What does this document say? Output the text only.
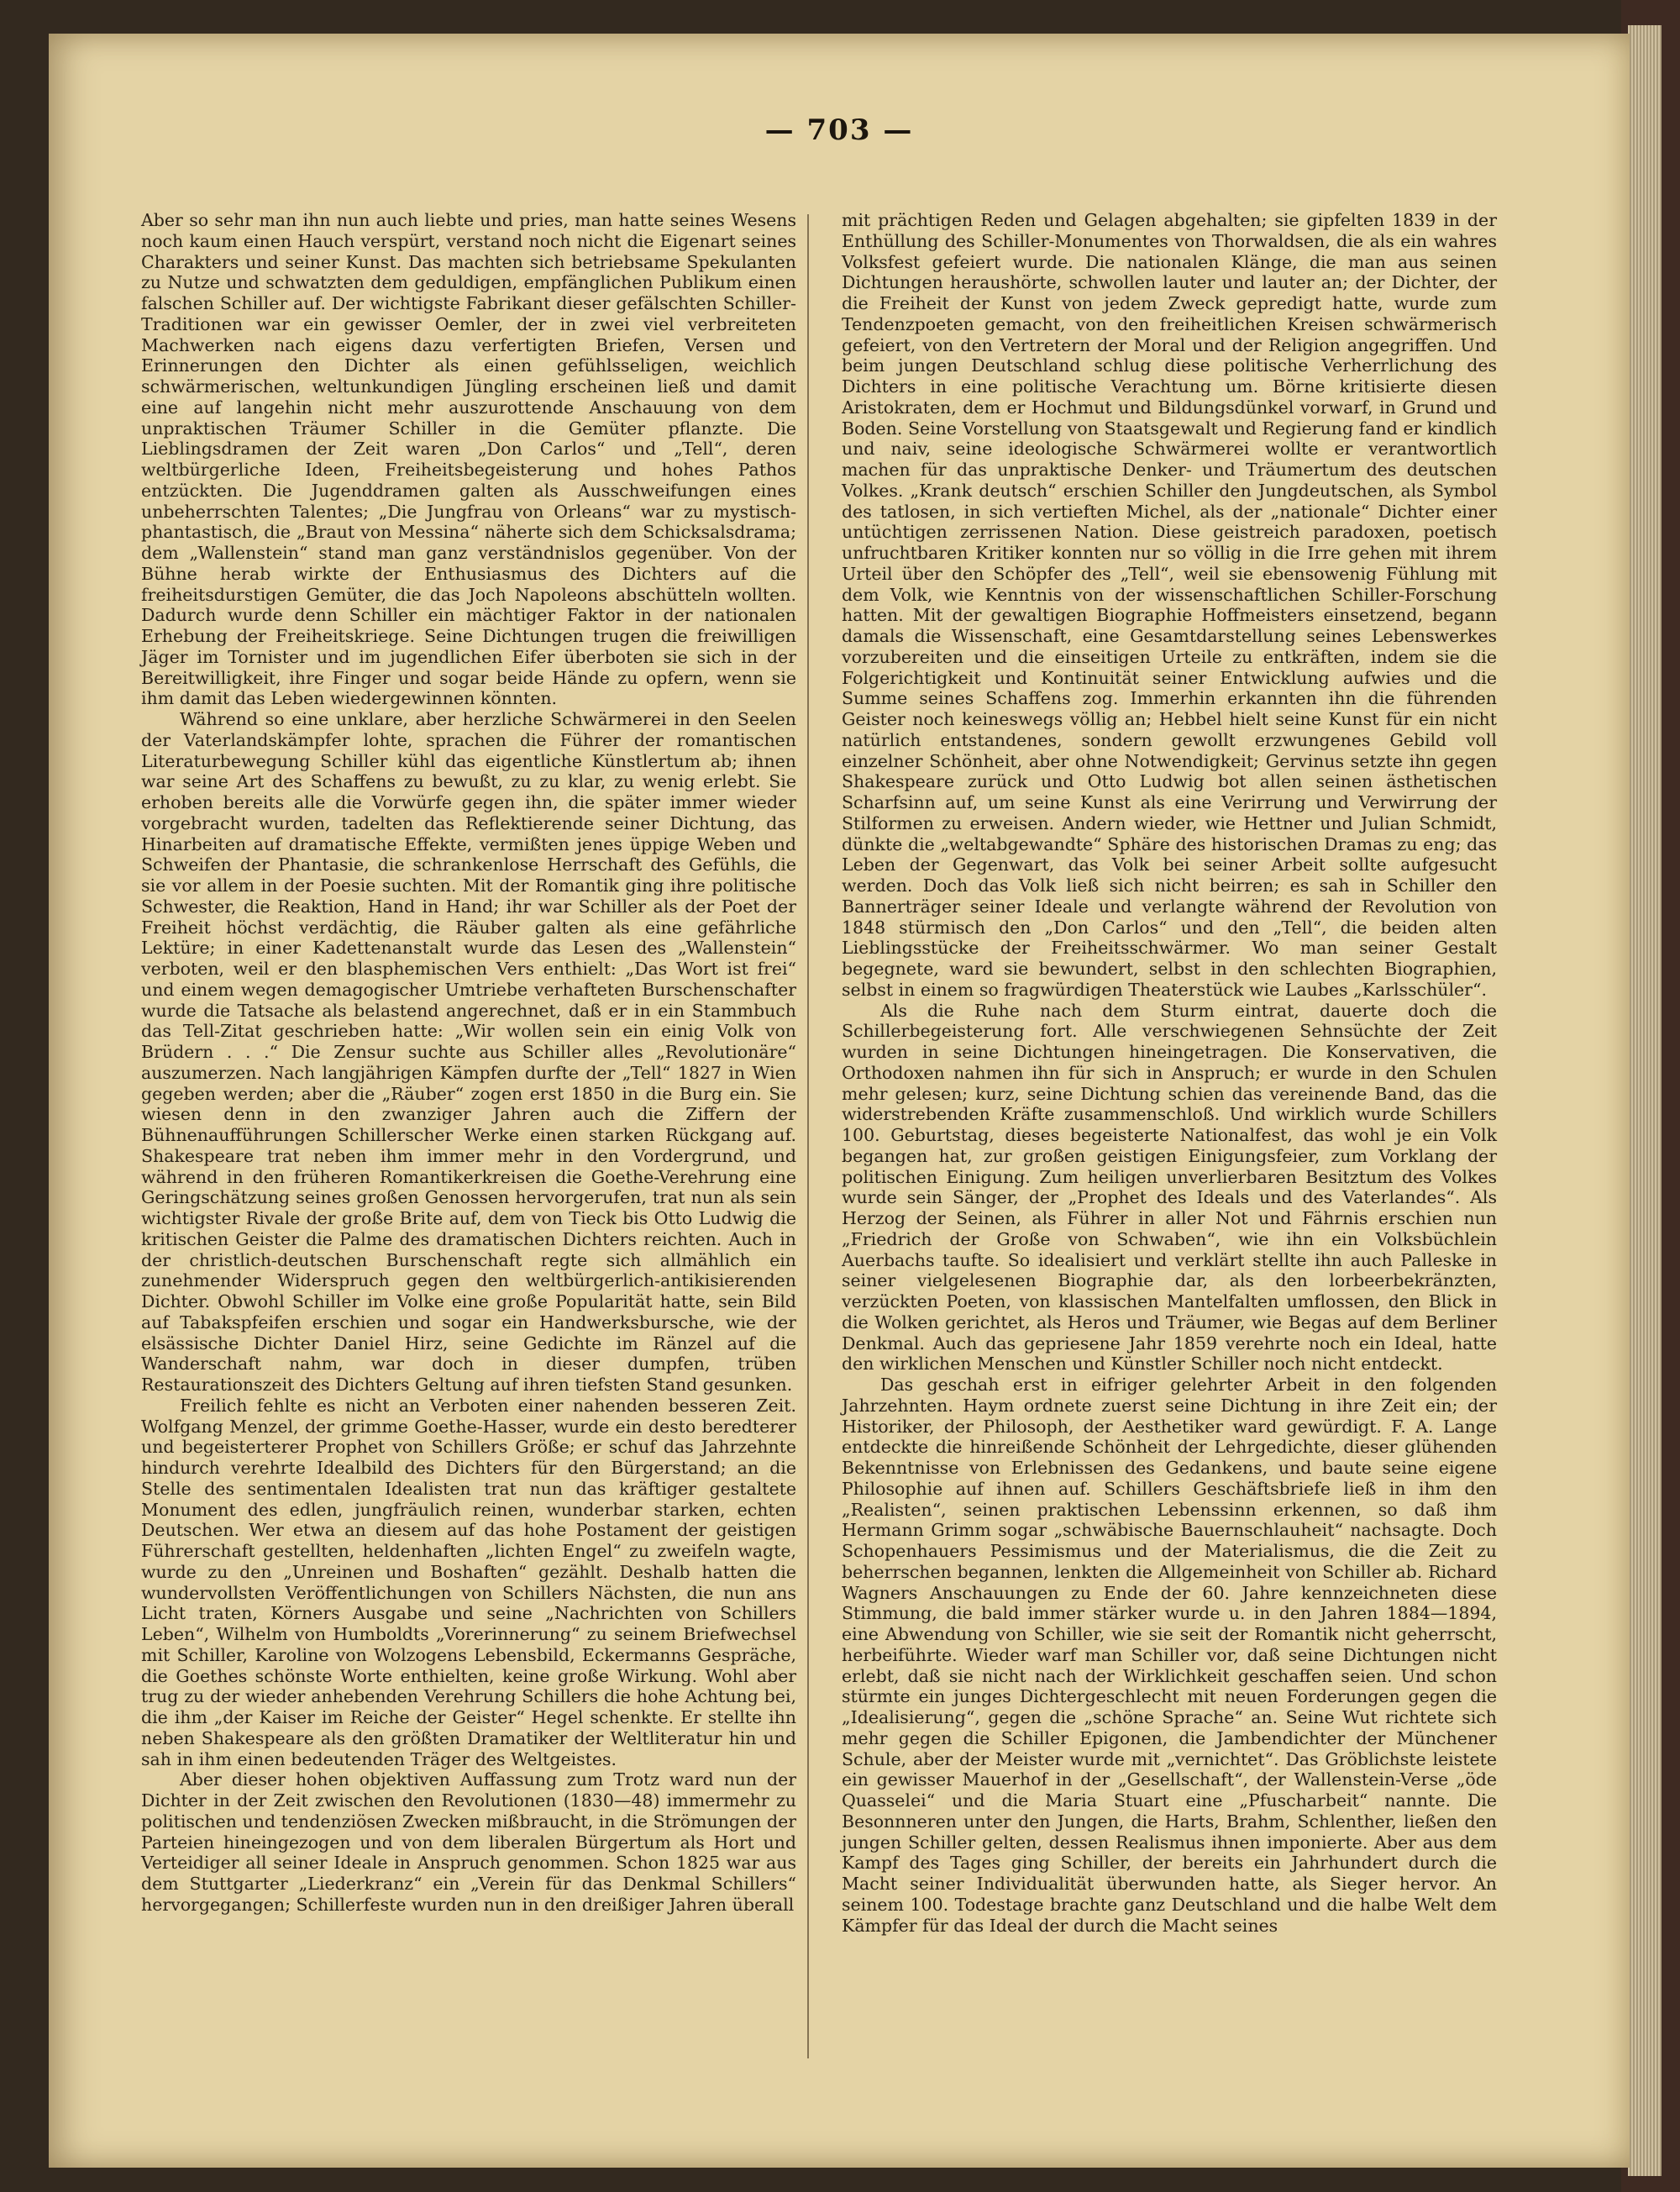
— 703 —

Aber so sehr man ihn nun auch liebte und pries, man hatte seines Wesens noch kaum einen Hauch verspürt, verstand noch nicht die Eigenart seines Charakters und seiner Kunst. Das machten sich betriebsame Spekulanten zu Nutze und schwatzten dem geduldigen, empfänglichen Publikum einen falschen Schiller auf. Der wichtigste Fabrikant dieser gefälschten Schiller-Traditionen war ein gewisser Oemler, der in zwei viel verbreiteten Machwerken nach eigens dazu verfertigten Briefen, Versen und Erinnerungen den Dichter als einen gefühlsseligen, weichlich schwärmerischen, weltunkundigen Jüngling erscheinen ließ und damit eine auf langehin nicht mehr auszurottende Anschauung von dem unpraktischen Träumer Schiller in die Gemüter pflanzte. Die Lieblingsdramen der Zeit waren „Don Carlos“ und „Tell“, deren weltbürgerliche Ideen, Freiheitsbegeisterung und hohes Pathos entzückten. Die Jugenddramen galten als Ausschweifungen eines unbeherrschten Talentes; „Die Jungfrau von Orleans“ war zu mystisch-phantastisch, die „Braut von Messina“ näherte sich dem Schicksalsdrama; dem „Wallenstein“ stand man ganz verständnislos gegenüber. Von der Bühne herab wirkte der Enthusiasmus des Dichters auf die freiheitsdurstigen Gemüter, die das Joch Napoleons abschütteln wollten. Dadurch wurde denn Schiller ein mächtiger Faktor in der nationalen Erhebung der Freiheitskriege. Seine Dichtungen trugen die freiwilligen Jäger im Tornister und im jugendlichen Eifer überboten sie sich in der Bereitwilligkeit, ihre Finger und sogar beide Hände zu opfern, wenn sie ihm damit das Leben wiedergewinnen könnten.

Während so eine unklare, aber herzliche Schwärmerei in den Seelen der Vaterlandskämpfer lohte, sprachen die Führer der romantischen Literaturbewegung Schiller kühl das eigentliche Künstlertum ab; ihnen war seine Art des Schaffens zu bewußt, zu zu klar, zu wenig erlebt. Sie erhoben bereits alle die Vorwürfe gegen ihn, die später immer wieder vorgebracht wurden, tadelten das Reflektierende seiner Dichtung, das Hinarbeiten auf dramatische Effekte, vermißten jenes üppige Weben und Schweifen der Phantasie, die schrankenlose Herrschaft des Gefühls, die sie vor allem in der Poesie suchten. Mit der Romantik ging ihre politische Schwester, die Reaktion, Hand in Hand; ihr war Schiller als der Poet der Freiheit höchst verdächtig, die Räuber galten als eine gefährliche Lektüre; in einer Kadettenanstalt wurde das Lesen des „Wallenstein“ verboten, weil er den blasphemischen Vers enthielt: „Das Wort ist frei“ und einem wegen demagogischer Umtriebe verhafteten Burschenschafter wurde die Tatsache als belastend angerechnet, daß er in ein Stammbuch das Tell-Zitat geschrieben hatte: „Wir wollen sein ein einig Volk von Brüdern . . .“ Die Zensur suchte aus Schiller alles „Revolutionäre“ auszumerzen. Nach langjährigen Kämpfen durfte der „Tell“ 1827 in Wien gegeben werden; aber die „Räuber“ zogen erst 1850 in die Burg ein. Sie wiesen denn in den zwanziger Jahren auch die Ziffern der Bühnenaufführungen Schillerscher Werke einen starken Rückgang auf. Shakespeare trat neben ihm immer mehr in den Vordergrund, und während in den früheren Romantikerkreisen die Goethe-Verehrung eine Geringschätzung seines großen Genossen hervorgerufen, trat nun als sein wichtigster Rivale der große Brite auf, dem von Tieck bis Otto Ludwig die kritischen Geister die Palme des dramatischen Dichters reichten. Auch in der christlich-deutschen Burschenschaft regte sich allmählich ein zunehmender Widerspruch gegen den weltbürgerlich-antikisierenden Dichter. Obwohl Schiller im Volke eine große Popularität hatte, sein Bild auf Tabakspfeifen erschien und sogar ein Handwerksbursche, wie der elsässische Dichter Daniel Hirz, seine Gedichte im Ränzel auf die Wanderschaft nahm, war doch in dieser dumpfen, trüben Restaurationszeit des Dichters Geltung auf ihren tiefsten Stand gesunken.

Freilich fehlte es nicht an Verboten einer nahenden besseren Zeit. Wolfgang Menzel, der grimme Goethe-Hasser, wurde ein desto beredterer und begeisterterer Prophet von Schillers Größe; er schuf das Jahrzehnte hindurch verehrte Idealbild des Dichters für den Bürgerstand; an die Stelle des sentimentalen Idealisten trat nun das kräftiger gestaltete Monument des edlen, jungfräulich reinen, wunderbar starken, echten Deutschen. Wer etwa an diesem auf das hohe Postament der geistigen Führerschaft gestellten, heldenhaften „lichten Engel“ zu zweifeln wagte, wurde zu den „Unreinen und Boshaften“ gezählt. Deshalb hatten die wundervollsten Veröffentlichungen von Schillers Nächsten, die nun ans Licht traten, Körners Ausgabe und seine „Nachrichten von Schillers Leben“, Wilhelm von Humboldts „Vorerinnerung“ zu seinem Briefwechsel mit Schiller, Karoline von Wolzogens Lebensbild, Eckermanns Gespräche, die Goethes schönste Worte enthielten, keine große Wirkung. Wohl aber trug zu der wieder anhebenden Verehrung Schillers die hohe Achtung bei, die ihm „der Kaiser im Reiche der Geister“ Hegel schenkte. Er stellte ihn neben Shakespeare als den größten Dramatiker der Weltliteratur hin und sah in ihm einen bedeutenden Träger des Weltgeistes.

Aber dieser hohen objektiven Auffassung zum Trotz ward nun der Dichter in der Zeit zwischen den Revolutionen (1830—48) immermehr zu politischen und tendenziösen Zwecken mißbraucht, in die Strömungen der Parteien hineingezogen und von dem liberalen Bürgertum als Hort und Verteidiger all seiner Ideale in Anspruch genommen. Schon 1825 war aus dem Stuttgarter „Liederkranz“ ein „Verein für das Denkmal Schillers“ hervorgegangen; Schillerfeste wurden nun in den dreißiger Jahren überall

mit prächtigen Reden und Gelagen abgehalten; sie gipfelten 1839 in der Enthüllung des Schiller-Monumentes von Thorwaldsen, die als ein wahres Volksfest gefeiert wurde. Die nationalen Klänge, die man aus seinen Dichtungen heraushörte, schwollen lauter und lauter an; der Dichter, der die Freiheit der Kunst von jedem Zweck gepredigt hatte, wurde zum Tendenzpoeten gemacht, von den freiheitlichen Kreisen schwärmerisch gefeiert, von den Vertretern der Moral und der Religion angegriffen. Und beim jungen Deutschland schlug diese politische Verherrlichung des Dichters in eine politische Verachtung um. Börne kritisierte diesen Aristokraten, dem er Hochmut und Bildungsdünkel vorwarf, in Grund und Boden. Seine Vorstellung von Staatsgewalt und Regierung fand er kindlich und naiv, seine ideologische Schwärmerei wollte er verantwortlich machen für das unpraktische Denker- und Träumertum des deutschen Volkes. „Krank deutsch“ erschien Schiller den Jungdeutschen, als Symbol des tatlosen, in sich vertieften Michel, als der „nationale“ Dichter einer untüchtigen zerrissenen Nation. Diese geistreich paradoxen, poetisch unfruchtbaren Kritiker konnten nur so völlig in die Irre gehen mit ihrem Urteil über den Schöpfer des „Tell“, weil sie ebensowenig Fühlung mit dem Volk, wie Kenntnis von der wissenschaftlichen Schiller-Forschung hatten. Mit der gewaltigen Biographie Hoffmeisters einsetzend, begann damals die Wissenschaft, eine Gesamtdarstellung seines Lebenswerkes vorzubereiten und die einseitigen Urteile zu entkräften, indem sie die Folgerichtigkeit und Kontinuität seiner Entwicklung aufwies und die Summe seines Schaffens zog. Immerhin erkannten ihn die führenden Geister noch keineswegs völlig an; Hebbel hielt seine Kunst für ein nicht natürlich entstandenes, sondern gewollt erzwungenes Gebild voll einzelner Schönheit, aber ohne Notwendigkeit; Gervinus setzte ihn gegen Shakespeare zurück und Otto Ludwig bot allen seinen ästhetischen Scharfsinn auf, um seine Kunst als eine Verirrung und Verwirrung der Stilformen zu erweisen. Andern wieder, wie Hettner und Julian Schmidt, dünkte die „weltabgewandte“ Sphäre des historischen Dramas zu eng; das Leben der Gegenwart, das Volk bei seiner Arbeit sollte aufgesucht werden. Doch das Volk ließ sich nicht beirren; es sah in Schiller den Bannerträger seiner Ideale und verlangte während der Revolution von 1848 stürmisch den „Don Carlos“ und den „Tell“, die beiden alten Lieblingsstücke der Freiheitsschwärmer. Wo man seiner Gestalt begegnete, ward sie bewundert, selbst in den schlechten Biographien, selbst in einem so fragwürdigen Theaterstück wie Laubes „Karlsschüler“.

Als die Ruhe nach dem Sturm eintrat, dauerte doch die Schillerbegeisterung fort. Alle verschwiegenen Sehnsüchte der Zeit wurden in seine Dichtungen hineingetragen. Die Konservativen, die Orthodoxen nahmen ihn für sich in Anspruch; er wurde in den Schulen mehr gelesen; kurz, seine Dichtung schien das vereinende Band, das die widerstrebenden Kräfte zusammenschloß. Und wirklich wurde Schillers 100. Geburtstag, dieses begeisterte Nationalfest, das wohl je ein Volk begangen hat, zur großen geistigen Einigungsfeier, zum Vorklang der politischen Einigung. Zum heiligen unverlierbaren Besitztum des Volkes wurde sein Sänger, der „Prophet des Ideals und des Vaterlandes“. Als Herzog der Seinen, als Führer in aller Not und Fährnis erschien nun „Friedrich der Große von Schwaben“, wie ihn ein Volksbüchlein Auerbachs taufte. So idealisiert und verklärt stellte ihn auch Palleske in seiner vielgelesenen Biographie dar, als den lorbeerbekränzten, verzückten Poeten, von klassischen Mantelfalten umflossen, den Blick in die Wolken gerichtet, als Heros und Träumer, wie Begas auf dem Berliner Denkmal. Auch das gepriesene Jahr 1859 verehrte noch ein Ideal, hatte den wirklichen Menschen und Künstler Schiller noch nicht entdeckt.

Das geschah erst in eifriger gelehrter Arbeit in den folgenden Jahrzehnten. Haym ordnete zuerst seine Dichtung in ihre Zeit ein; der Historiker, der Philosoph, der Aesthetiker ward gewürdigt. F. A. Lange entdeckte die hinreißende Schönheit der Lehrgedichte, dieser glühenden Bekenntnisse von Erlebnissen des Gedankens, und baute seine eigene Philosophie auf ihnen auf. Schillers Geschäftsbriefe ließ in ihm den „Realisten“, seinen praktischen Lebenssinn erkennen, so daß ihm Hermann Grimm sogar „schwäbische Bauernschlauheit“ nachsagte. Doch Schopenhauers Pessimismus und der Materialismus, die die Zeit zu beherrschen begannen, lenkten die Allgemeinheit von Schiller ab. Richard Wagners Anschauungen zu Ende der 60. Jahre kennzeichneten diese Stimmung, die bald immer stärker wurde u. in den Jahren 1884—1894, eine Abwendung von Schiller, wie sie seit der Romantik nicht geherrscht, herbeiführte. Wieder warf man Schiller vor, daß seine Dichtungen nicht erlebt, daß sie nicht nach der Wirklichkeit geschaffen seien. Und schon stürmte ein junges Dichtergeschlecht mit neuen Forderungen gegen die „Idealisierung“, gegen die „schöne Sprache“ an. Seine Wut richtete sich mehr gegen die Schiller Epigonen, die Jambendichter der Münchener Schule, aber der Meister wurde mit „vernichtet“. Das Gröblichste leistete ein gewisser Mauerhof in der „Gesellschaft“, der Wallenstein-Verse „öde Quasselei“ und die Maria Stuart eine „Pfuscharbeit“ nannte. Die Besonnneren unter den Jungen, die Harts, Brahm, Schlenther, ließen den jungen Schiller gelten, dessen Realismus ihnen imponierte. Aber aus dem Kampf des Tages ging Schiller, der bereits ein Jahrhundert durch die Macht seiner Individualität überwunden hatte, als Sieger hervor. An seinem 100. Todestage brachte ganz Deutschland und die halbe Welt dem Kämpfer für das Ideal der durch die Macht seines
